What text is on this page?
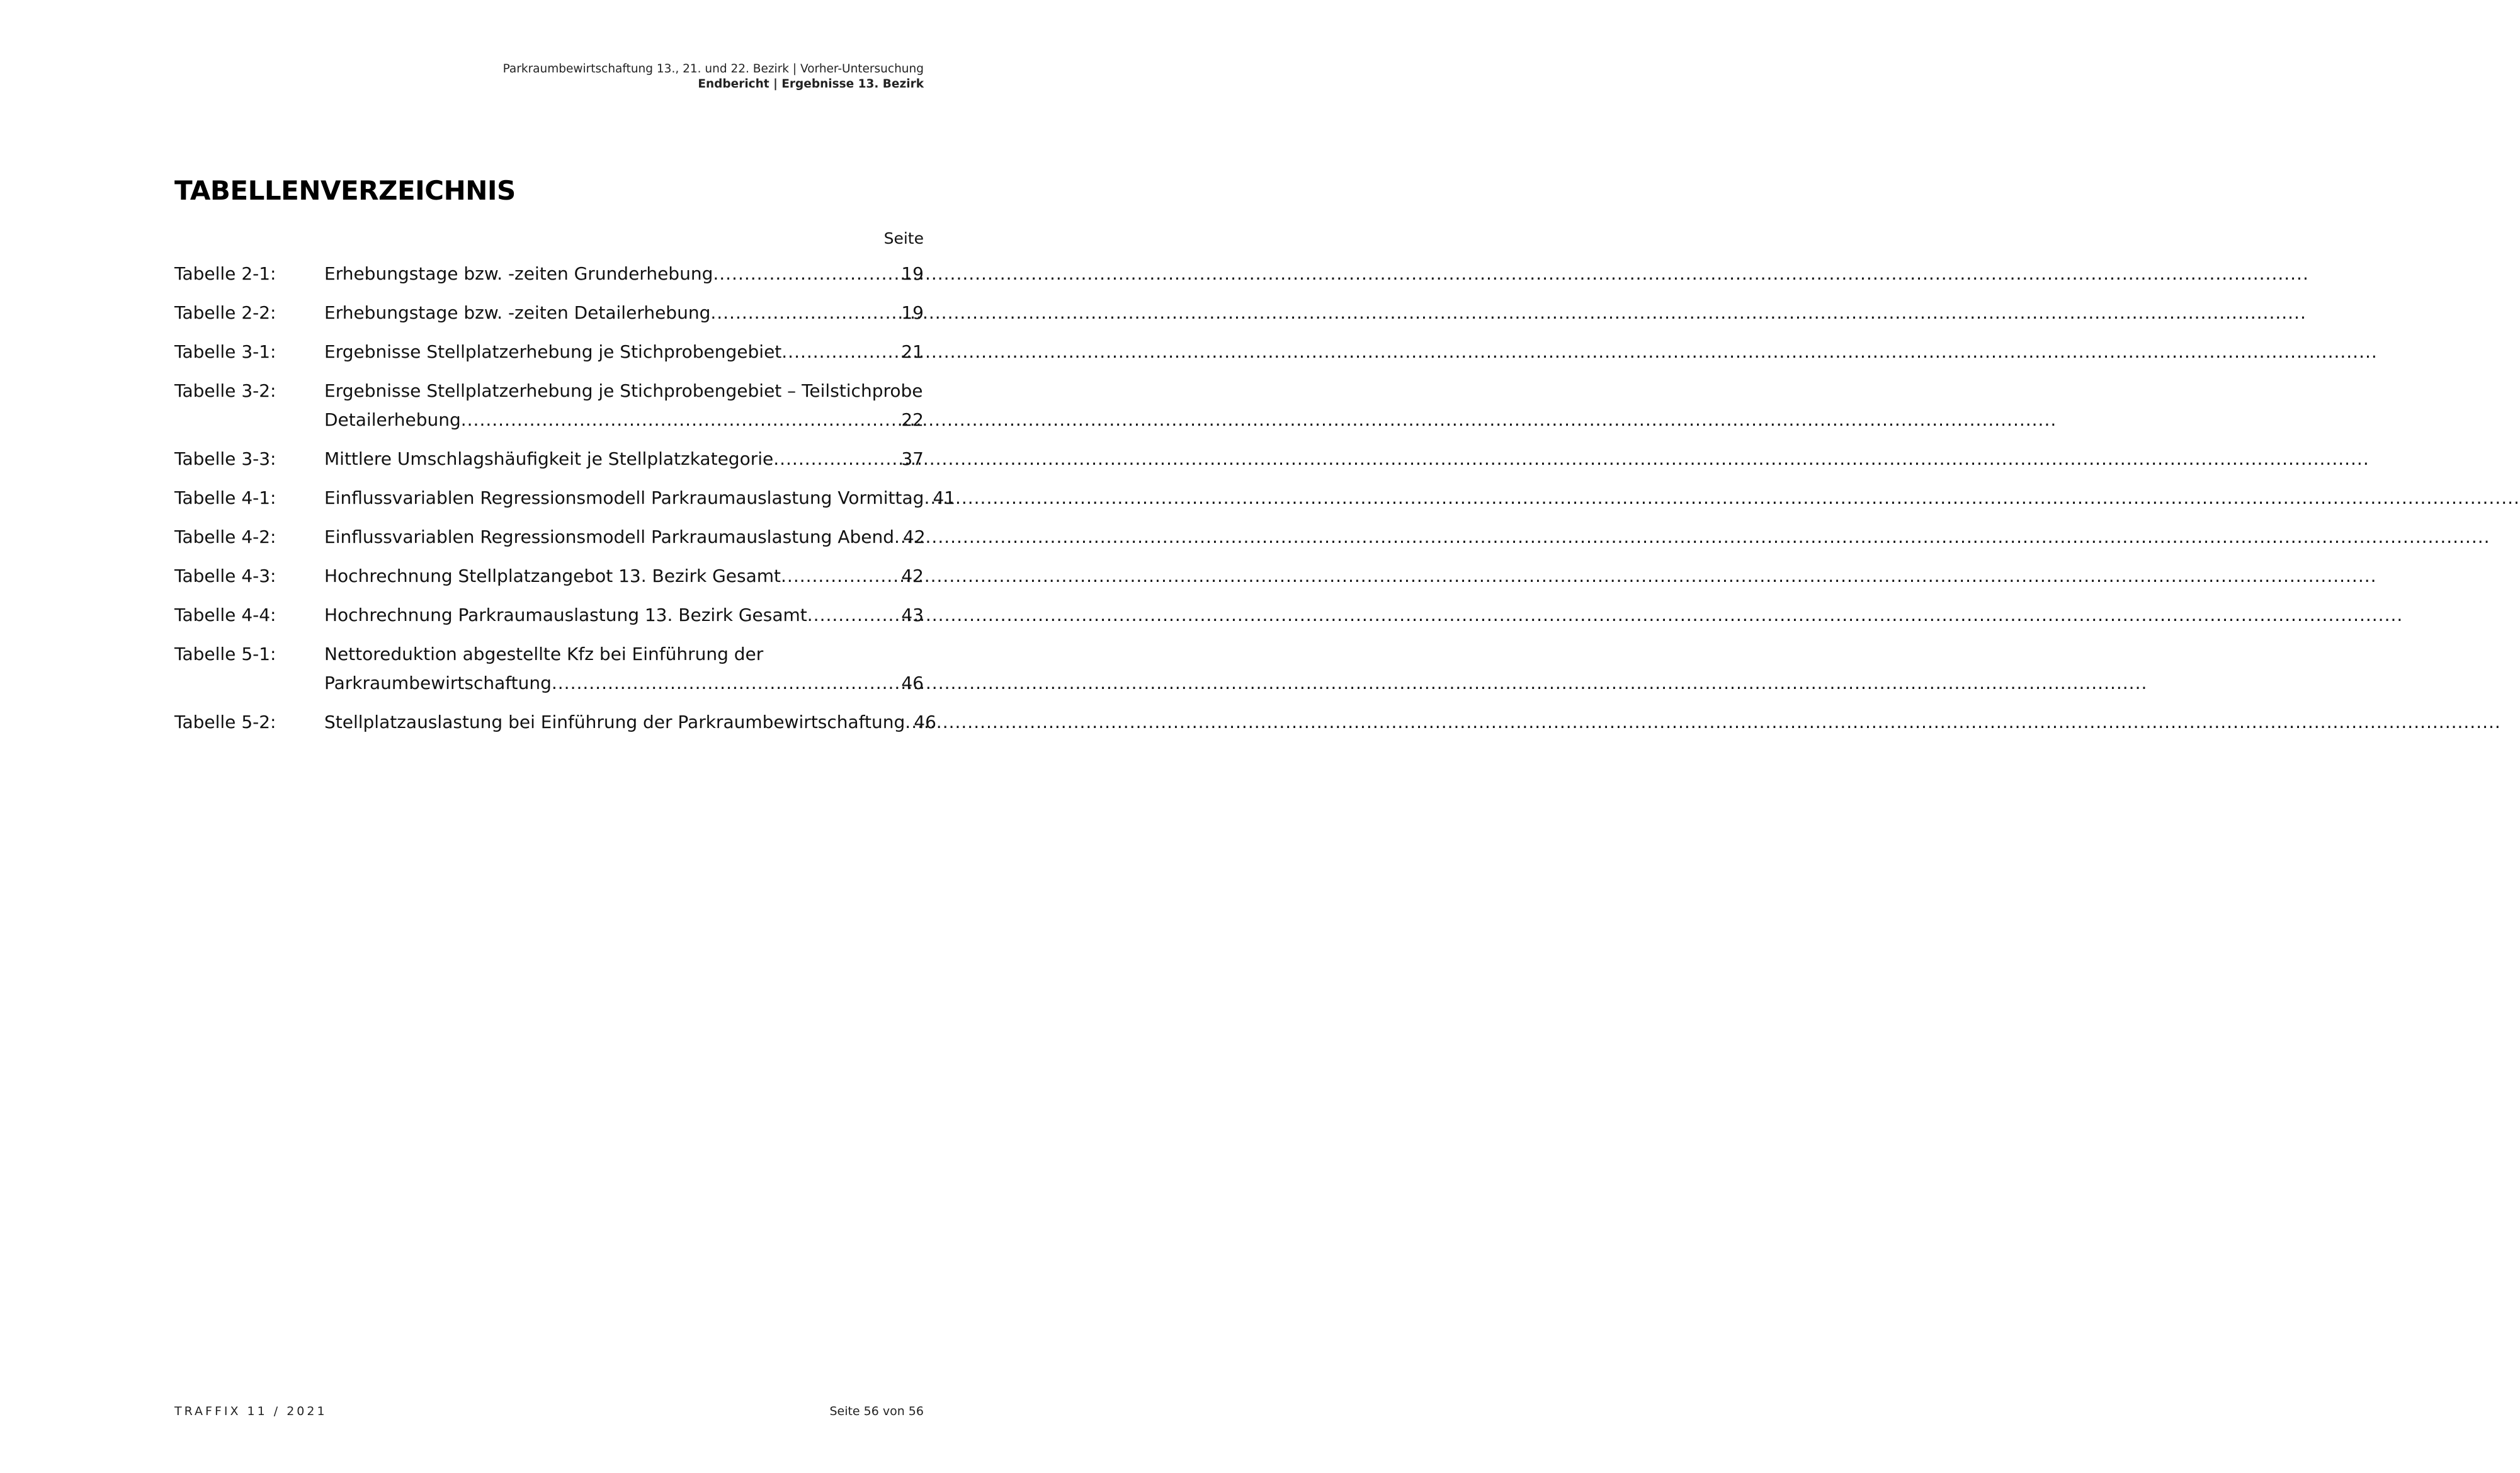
Parkraumbewirtschaftung 13., 21. und 22. Bezirk | Vorher-Untersuchung
Endbericht | Ergebnisse 13. Bezirk
TABELLENVERZEICHNIS
Seite
Tabelle 2-1:	Erhebungstage bzw. -zeiten Grunderhebung .....	19
Tabelle 2-2:	Erhebungstage bzw. -zeiten Detailerhebung .....	19
Tabelle 3-1:	Ergebnisse Stellplatzerhebung je Stichprobengebiet .....	21
Tabelle 3-2:	Ergebnisse Stellplatzerhebung je Stichprobengebiet – Teilstichprobe
Detailerhebung .....	22
Tabelle 3-3:	Mittlere Umschlagshäufigkeit je Stellplatzkategorie .....	37
Tabelle 4-1:	Einflussvariablen Regressionsmodell Parkraumauslastung Vormittag ..... 41
Tabelle 4-2:	Einflussvariablen Regressionsmodell Parkraumauslastung Abend ..... 42
Tabelle 4-3:	Hochrechnung Stellplatzangebot 13. Bezirk Gesamt .....	42
Tabelle 4-4:	Hochrechnung Parkraumauslastung 13. Bezirk Gesamt .....	43
Tabelle 5-1:	Nettoreduktion abgestellte Kfz bei Einführung der
Parkraumbewirtschaftung .....	46
Tabelle 5-2:	Stellplatzauslastung bei Einführung der Parkraumbewirtschaftung ..... 46
TRAFFIX 11 / 2021	Seite 56 von 56
